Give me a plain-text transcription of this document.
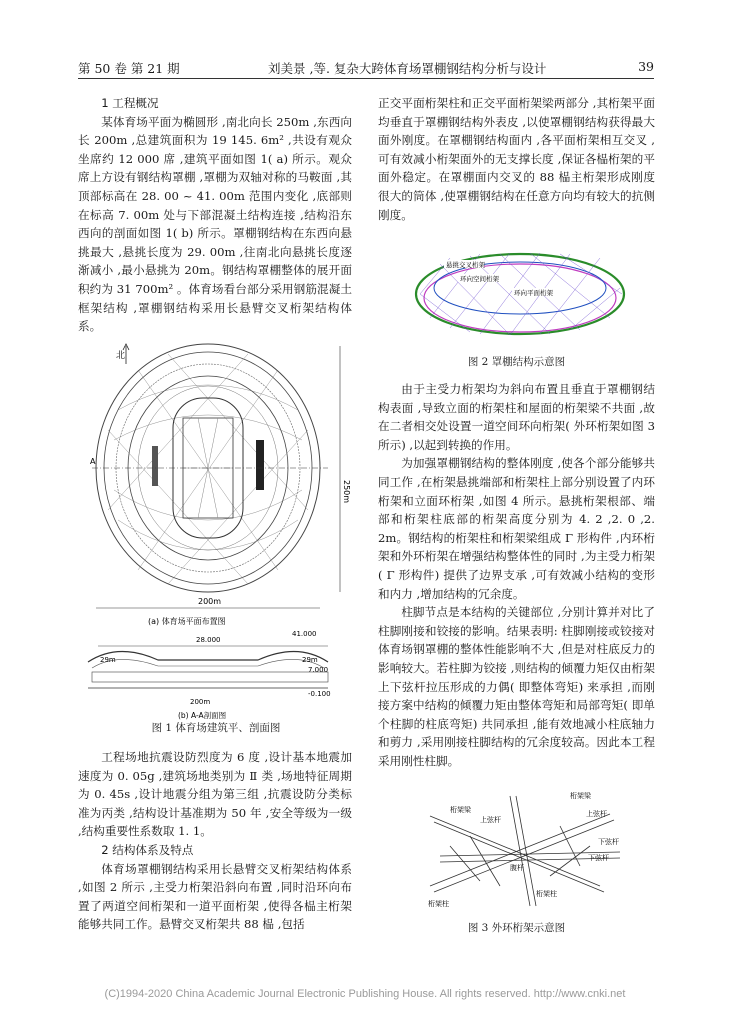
第 50 卷 第 21 期	刘美景 ,等. 复杂大跨体育场罩棚钢结构分析与设计	39

1 工程概况

某体育场平面为椭圆形 ,南北向长 250m ,东西向长 200m ,总建筑面积为 19 145. 6m² ,共设有观众坐席约 12 000 席 ,建筑平面如图 1( a) 所示。观众席上方设有钢结构罩棚 ,罩棚为双轴对称的马鞍面 ,其顶部标高在 28. 00 ~ 41. 00m 范围内变化 ,底部则在标高 7. 00m 处与下部混凝土结构连接 ,结构沿东西向的剖面如图 1( b) 所示。罩棚钢结构在东西向悬挑最大 ,悬挑长度为 29. 00m ,往南北向悬挑长度逐渐减小 ,最小悬挑为 20m。钢结构罩棚整体的展开面积约为 31 700m² 。体育场看台部分采用钢筋混凝土框架结构 ,罩棚钢结构采用长悬臂交叉桁架结构体系。

北
A
250m
200m
(a) 体育场平面布置图
28.000
41.000
29m	29m
7.000
-0.100
200m
(b) A-A剖面图
图 1 体育场建筑平、剖面图

工程场地抗震设防烈度为 6 度 ,设计基本地震加速度为 0. 05g ,建筑场地类别为 Ⅱ 类 ,场地特征周期为 0. 45s ,设计地震分组为第三组 ,抗震设防分类标准为丙类 ,结构设计基准期为 50 年 ,安全等级为一级 ,结构重要性系数取 1. 1。

2 结构体系及特点

体育场罩棚钢结构采用长悬臂交叉桁架结构体系 ,如图 2 所示 ,主受力桁架沿斜向布置 ,同时沿环向布置了两道空间桁架和一道平面桁架 ,使得各榀主桁架能够共同工作。悬臂交叉桁架共 88 榀 ,包括

正交平面桁架柱和正交平面桁架梁两部分 ,其桁架平面均垂直于罩棚钢结构外表皮 ,以使罩棚钢结构获得最大面外刚度。在罩棚钢结构面内 ,各平面桁架相互交叉 ,可有效减小桁架面外的无支撑长度 ,保证各榀桁架的平面外稳定。在罩棚面内交叉的 88 榀主桁架形成刚度很大的筒体 ,使罩棚钢结构在任意方向均有较大的抗侧刚度。

悬挑交叉桁架
环向空间桁架
环向平面桁架
图 2 罩棚结构示意图

由于主受力桁架均为斜向布置且垂直于罩棚钢结构表面 ,导致立面的桁架柱和屋面的桁架梁不共面 ,故在二者相交处设置一道空间环向桁架( 外环桁架如图 3 所示) ,以起到转换的作用。

为加强罩棚钢结构的整体刚度 ,使各个部分能够共同工作 ,在桁架悬挑端部和桁架柱上部分别设置了内环桁架和立面环桁架 ,如图 4 所示。悬挑桁架根部、端部和桁架柱底部的桁架高度分别为 4. 2 ,2. 0 ,2. 2m。钢结构的桁架柱和桁架梁组成 Γ 形构件 ,内环桁架和外环桁架在增强结构整体性的同时 ,为主受力桁架( Γ 形构件) 提供了边界支承 ,可有效减小结构的变形和内力 ,增加结构的冗余度。

柱脚节点是本结构的关键部位 ,分别计算并对比了柱脚刚接和铰接的影响。结果表明: 柱脚刚接或铰接对体育场钢罩棚的整体性能影响不大 ,但是对柱底反力的影响较大。若柱脚为铰接 ,则结构的倾覆力矩仅由桁架上下弦杆拉压形成的力偶( 即整体弯矩) 来承担 ,而刚接方案中结构的倾覆力矩由整体弯矩和局部弯矩( 即单个柱脚的柱底弯矩) 共同承担 ,能有效地减小柱底轴力和剪力 ,采用刚接柱脚结构的冗余度较高。因此本工程采用刚性柱脚。

桁架梁
桁架梁
上弦杆
上弦杆
下弦杆
下弦杆
腹杆
桁架柱
桁架柱
图 3 外环桁架示意图
(C)1994-2020 China Academic Journal Electronic Publishing House. All rights reserved. http://www.cnki.net
